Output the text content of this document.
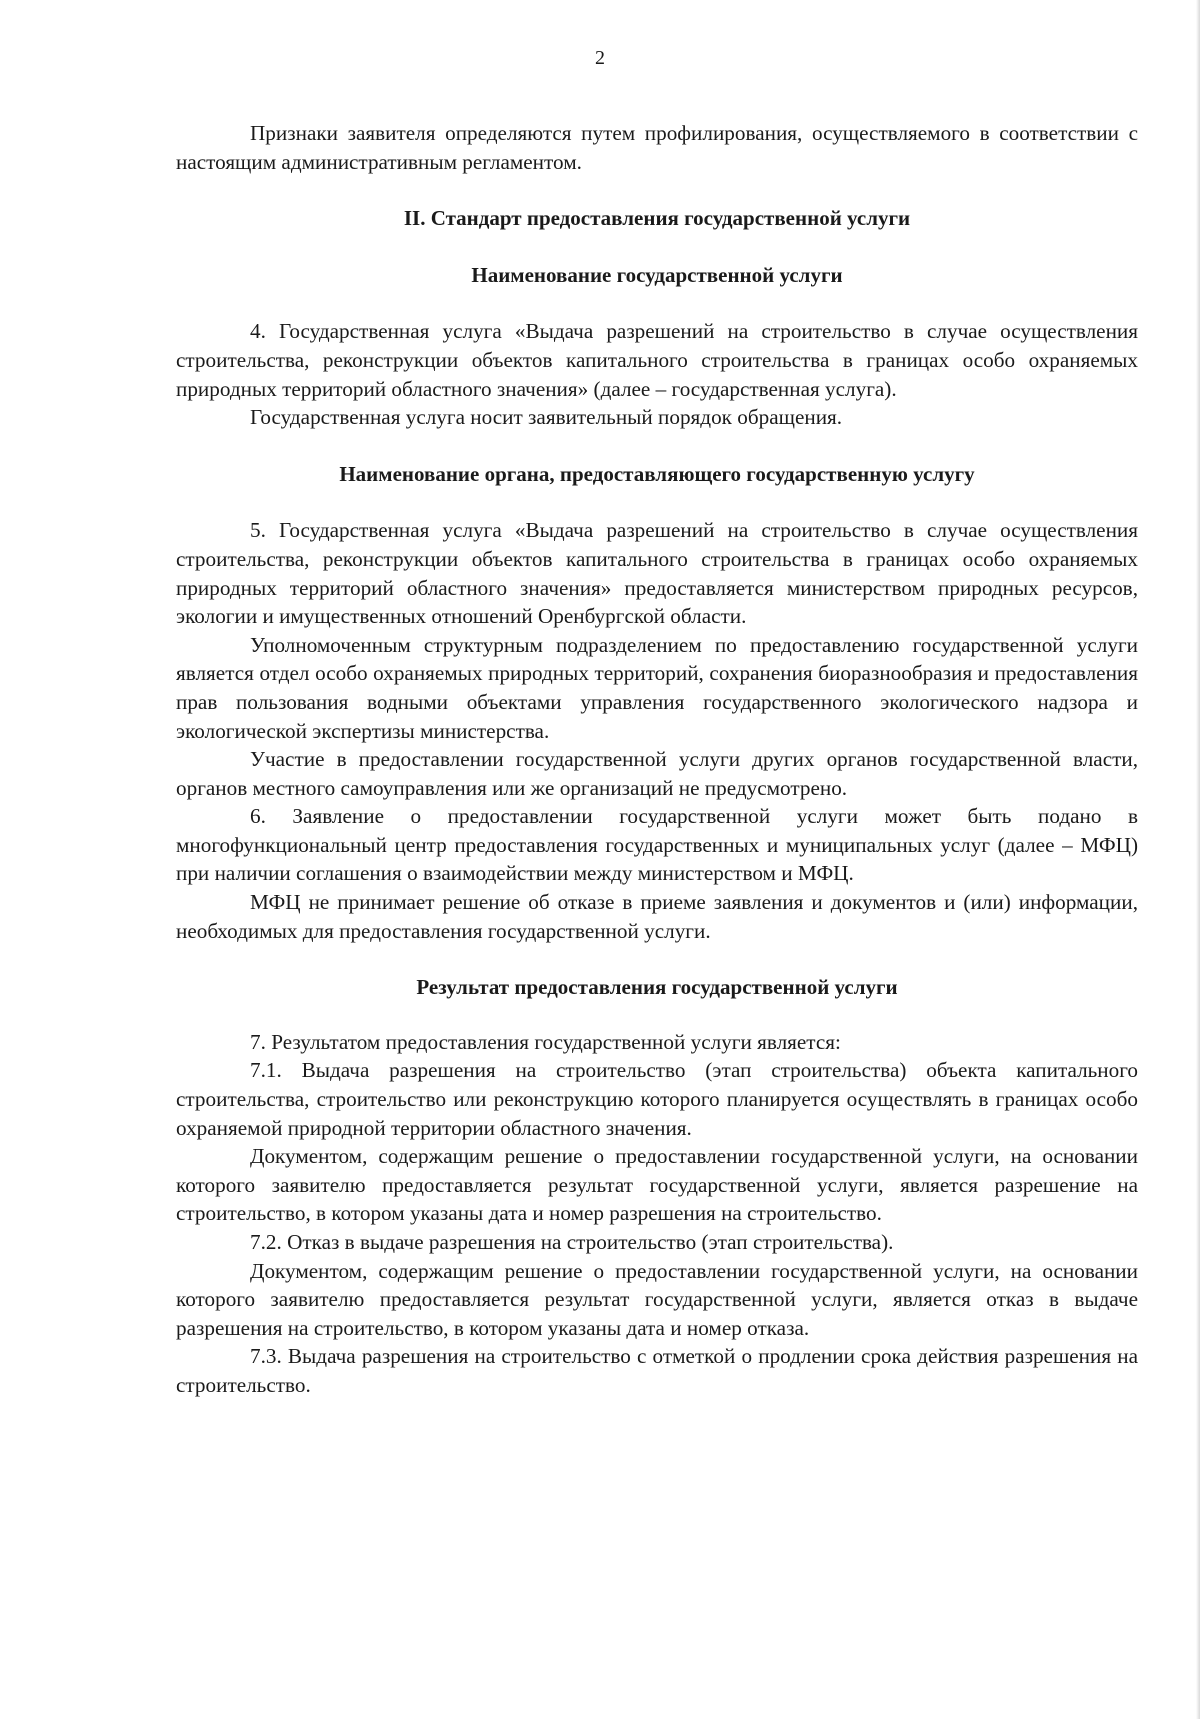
2

Признаки заявителя определяются путем профилирования, осуществляемого в соответствии с настоящим административным регламентом.

II. Стандарт предоставления государственной услуги

Наименование государственной услуги

4. Государственная услуга «Выдача разрешений на строительство в случае осуществления строительства, реконструкции объектов капитального строительства в границах особо охраняемых природных территорий областного значения» (далее – государственная услуга).

Государственная услуга носит заявительный порядок обращения.

Наименование органа, предоставляющего государственную услугу

5. Государственная услуга «Выдача разрешений на строительство в случае осуществления строительства, реконструкции объектов капитального строительства в границах особо охраняемых природных территорий областного значения» предоставляется министерством природных ресурсов, экологии и имущественных отношений Оренбургской области.

Уполномоченным структурным подразделением по предоставлению государственной услуги является отдел особо охраняемых природных территорий, сохранения биоразнообразия и предоставления прав пользования водными объектами управления государственного экологического надзора и экологической экспертизы министерства.

Участие в предоставлении государственной услуги других органов государственной власти, органов местного самоуправления или же организаций не предусмотрено.

6. Заявление о предоставлении государственной услуги может быть подано в многофункциональный центр предоставления государственных и муниципальных услуг (далее – МФЦ) при наличии соглашения о взаимодействии между министерством и МФЦ.

МФЦ не принимает решение об отказе в приеме заявления и документов и (или) информации, необходимых для предоставления государственной услуги.

Результат предоставления государственной услуги

7. Результатом предоставления государственной услуги является:

7.1. Выдача разрешения на строительство (этап строительства) объекта капитального строительства, строительство или реконструкцию которого планируется осуществлять в границах особо охраняемой природной территории областного значения.

Документом, содержащим решение о предоставлении государственной услуги, на основании которого заявителю предоставляется результат государственной услуги, является разрешение на строительство, в котором указаны дата и номер разрешения на строительство.

7.2. Отказ в выдаче разрешения на строительство (этап строительства).

Документом, содержащим решение о предоставлении государственной услуги, на основании которого заявителю предоставляется результат государственной услуги, является отказ в выдаче разрешения на строительство, в котором указаны дата и номер отказа.

7.3. Выдача разрешения на строительство с отметкой о продлении срока действия разрешения на строительство.
